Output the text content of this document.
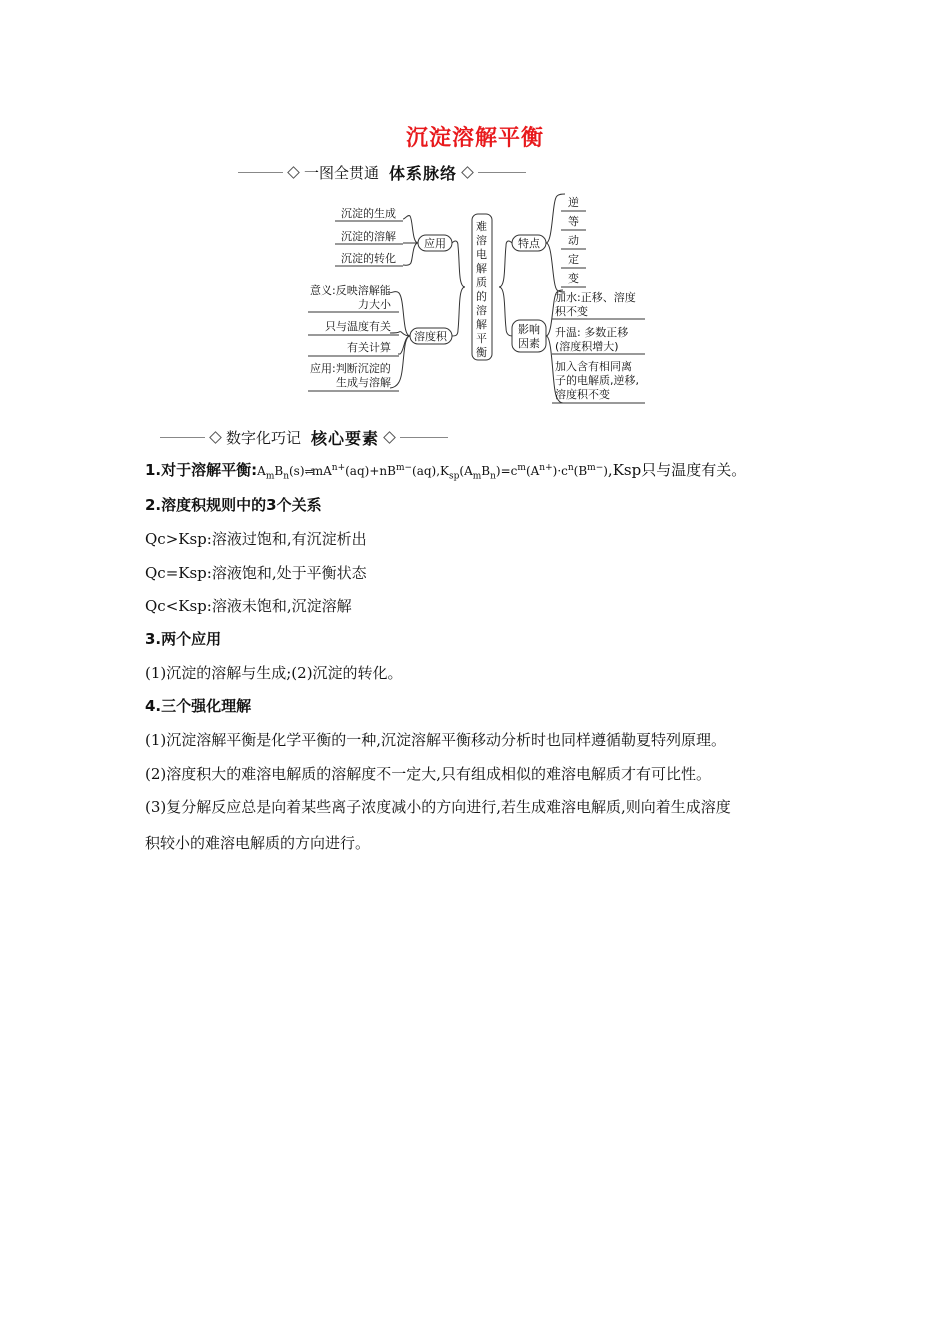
沉淀溶解平衡
一图全贯通 体系脉络
难
溶
电
解
质
的
溶
解
平
衡
应用
沉淀的生成
沉淀的溶解
沉淀的转化
溶度积
意义:反映溶解能
力大小
只与温度有关
有关计算
应用:判断沉淀的
生成与溶解
特点
逆
等
动
定
变
影响
因素
加水:正移、溶度
积不变
升温: 多数正移
(溶度积增大)
加入含有相同离
子的电解质,逆移,
溶度积不变
数字化巧记 核心要素
1.对于溶解平衡$:A_mB_n(s)\rightleftharpoons mA^{n+}(aq)+nB^{m-}(aq),K_{sp}(A_mB_n)=c^m(A^{n+})\cdot c^n(B^{m-}),Ksp$只与温度有关。
2.溶度积规则中的3个关系
Qc>Ksp:溶液过饱和,有沉淀析出
Qc=Ksp:溶液饱和,处于平衡状态
Qc<Ksp:溶液未饱和,沉淀溶解
3.两个应用
(1)沉淀的溶解与生成;(2)沉淀的转化。
4.三个强化理解
(1)沉淀溶解平衡是化学平衡的一种,沉淀溶解平衡移动分析时也同样遵循勒夏特列原理。
(2)溶度积大的难溶电解质的溶解度不一定大,只有组成相似的难溶电解质才有可比性。
(3)复分解反应总是向着某些离子浓度减小的方向进行,若生成难溶电解质,则向着生成溶度
积较小的难溶电解质的方向进行。
